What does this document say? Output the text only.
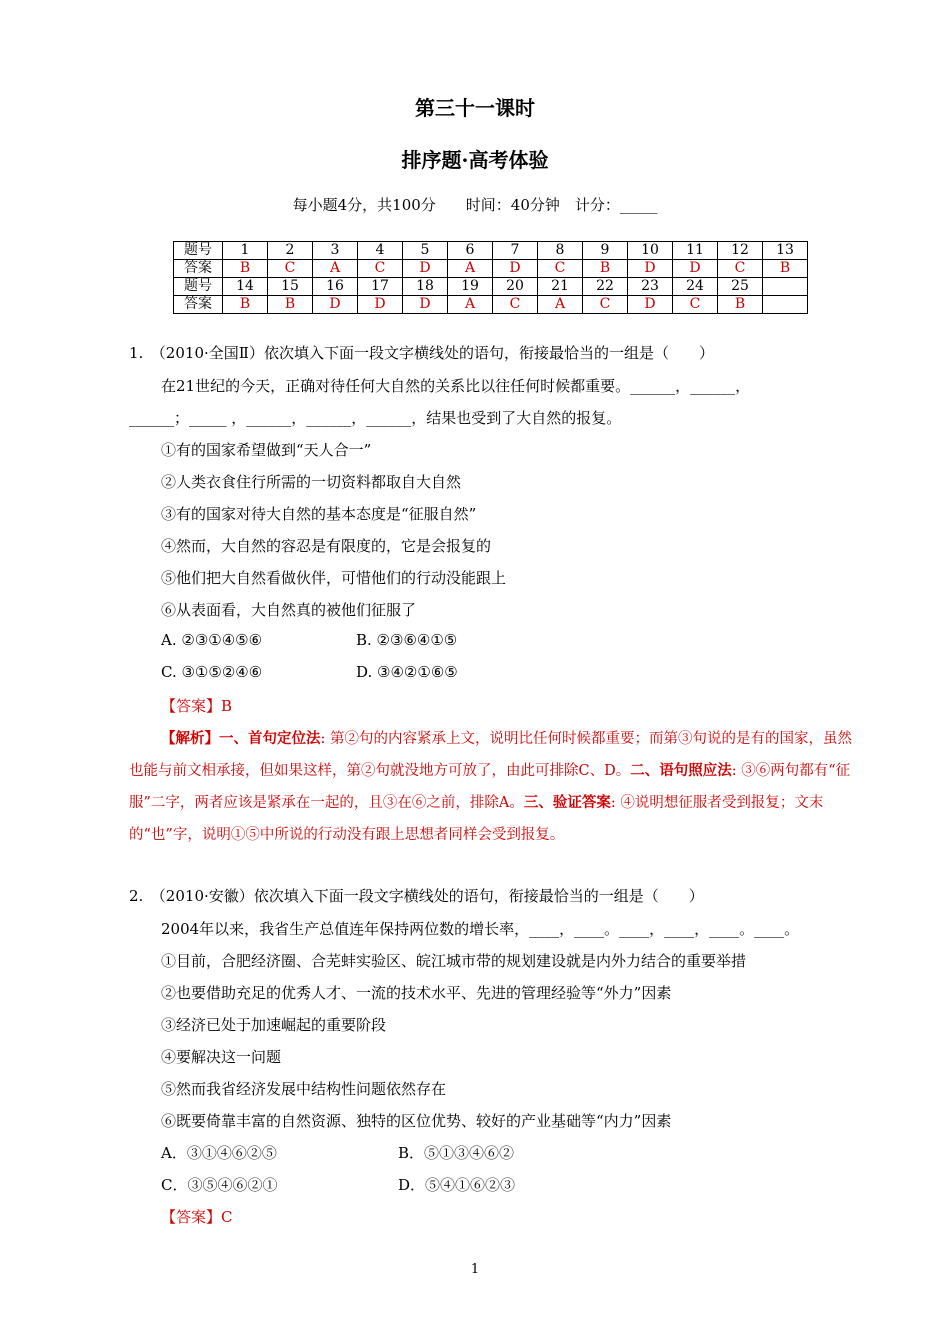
第三十一课时
排序题·高考体验
每小题4分，共100分　　时间：40分钟　计分：_____
题号	1	2	3	4	5	6	7	8	9	10	11	12	13
答案	B	C	A	C	D	A	D	C	B	D	D	C	B
题号	14	15	16	17	18	19	20	21	22	23	24	25	
答案	B	B	D	D	D	A	C	A	C	D	C	B	
1.　（2010·全国Ⅱ）依次填入下面一段文字横线处的语句，衔接最恰当的一组是（　　）
在21世纪的今天，正确对待任何大自然的关系比以往任何时候都重要。______，______，
______；_____ ，______，______，______，结果也受到了大自然的报复。
①有的国家希望做到“天人合一”
②人类衣食住行所需的一切资料都取自大自然
③有的国家对待大自然的基本态度是“征服自然”
④然而，大自然的容忍是有限度的，它是会报复的
⑤他们把大自然看做伙伴，可惜他们的行动没能跟上
⑥从表面看，大自然真的被他们征服了
A. ②③①④⑤⑥	B. ②③⑥④①⑤
C. ③①⑤②④⑥	D. ③④②①⑥⑤
【答案】B
【解析】一、首句定位法: 第②句的内容紧承上文，说明比任何时候都重要；而第③句说的是有的国家，虽然也能与前文相承接，但如果这样，第②句就没地方可放了，由此可排除C、D。二、语句照应法: ③⑥两句都有“征服”二字，两者应该是紧承在一起的，且③在⑥之前，排除A。三、验证答案: ④说明想征服者受到报复；文末的“也”字，说明①⑤中所说的行动没有跟上思想者同样会受到报复。
2.　（2010·安徽）依次填入下面一段文字横线处的语句，衔接最恰当的一组是（　　）
2004年以来，我省生产总值连年保持两位数的增长率，____，____。____，____，____。____。
①目前，合肥经济圈、合芜蚌实验区、皖江城市带的规划建设就是内外力结合的重要举措
②也要借助充足的优秀人才、一流的技术水平、先进的管理经验等“外力”因素
③经济已处于加速崛起的重要阶段
④要解决这一问题
⑤然而我省经济发展中结构性问题依然存在
⑥既要倚靠丰富的自然资源、独特的区位优势、较好的产业基础等“内力”因素
A．③①④⑥②⑤	B．⑤①③④⑥②
C．③⑤④⑥②①	D．⑤④①⑥②③
【答案】C
1
